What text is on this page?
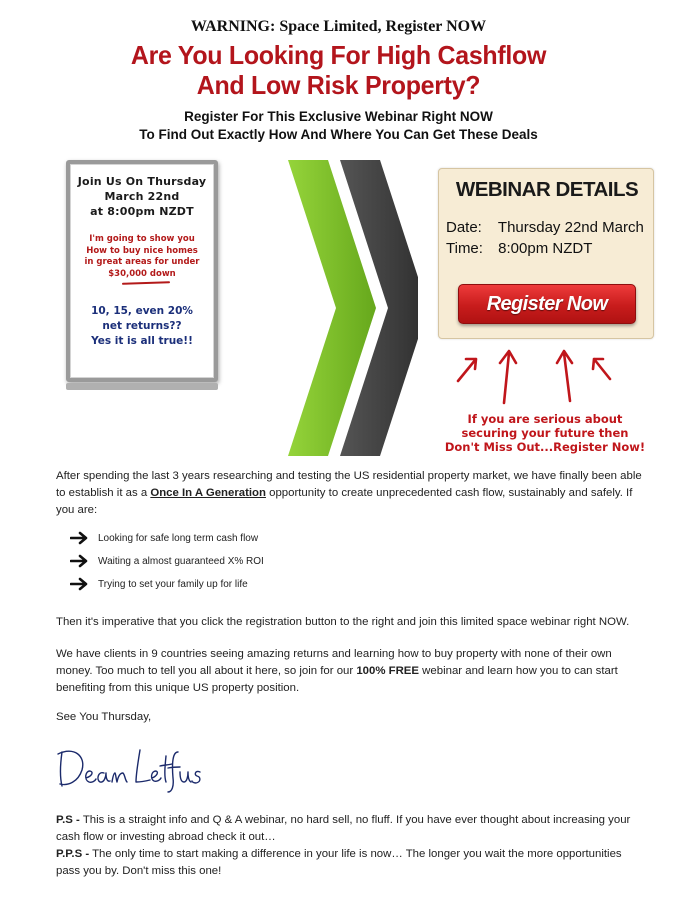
WARNING: Space Limited, Register NOW
Are You Looking For High Cashflow
And Low Risk Property?
Register For This Exclusive Webinar Right NOW
To Find Out Exactly How And Where You Can Get These Deals
Join Us On Thursday
March 22nd
at 8:00pm NZDT
I'm going to show you
How to buy nice homes
in great areas for under
$30,000 down
10, 15, even 20%
net returns??
Yes it is all true!!
WEBINAR DETAILS
Date: Thursday 22nd March
Time: 8:00pm NZDT
Register Now
If you are serious about
securing your future then
Don't Miss Out...Register Now!
After spending the last 3 years researching and testing the US residential property market, we have finally been able to establish it as a Once In A Generation opportunity to create unprecedented cash flow, sustainably and safely. If you are:
Looking for safe long term cash flow
Waiting a almost guaranteed X% ROI
Trying to set your family up for life
Then it's imperative that you click the registration button to the right and join this limited space webinar right NOW.
We have clients in 9 countries seeing amazing returns and learning how to buy property with none of their own money. Too much to tell you all about it here, so join for our 100% FREE webinar and learn how you to can start benefiting from this unique US property position.
See You Thursday,
P.S - This is a straight info and Q & A webinar, no hard sell, no fluff. If you have ever thought about increasing your cash flow or investing abroad check it out…
P.P.S - The only time to start making a difference in your life is now… The longer you wait the more opportunities pass you by. Don't miss this one!
